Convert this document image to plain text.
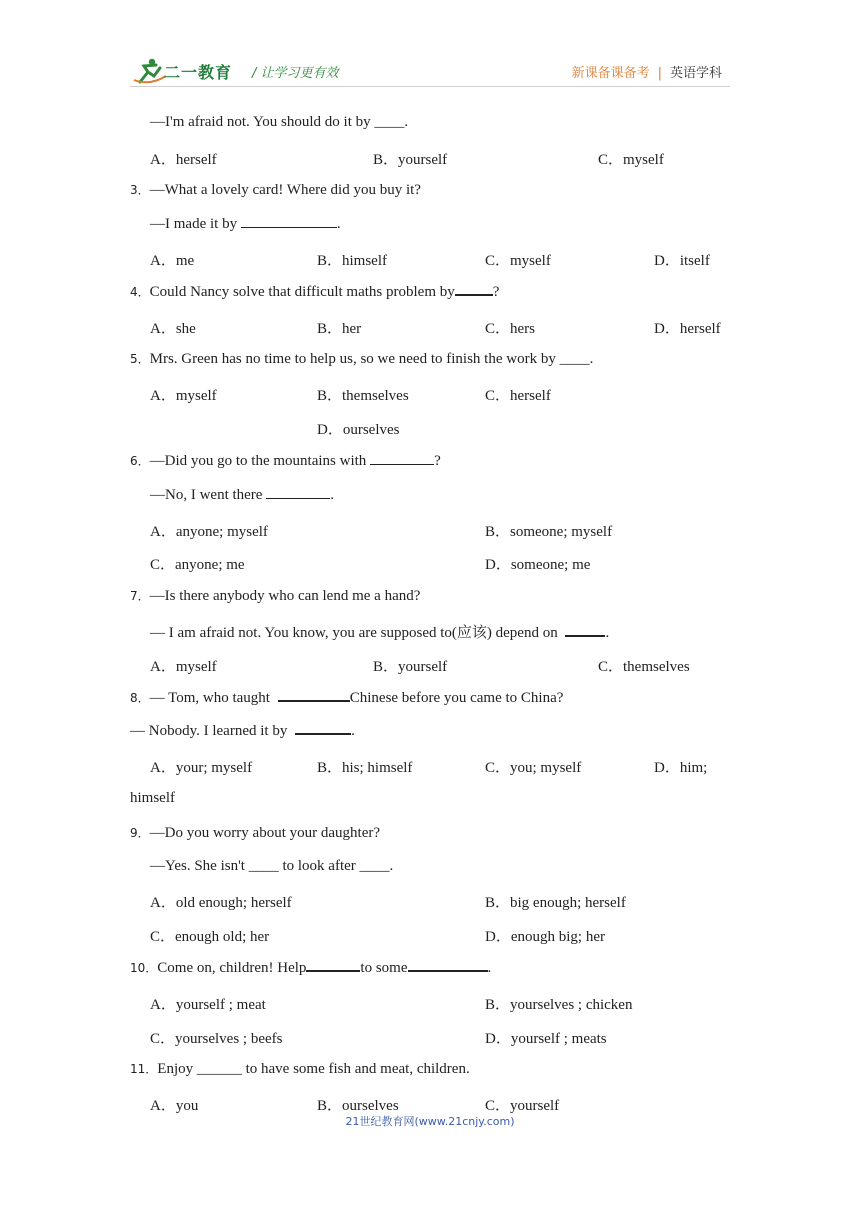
二一教育 / 让学习更有效	新课备课备考 | 英语学科
—I'm afraid not. You should do it by ____.
A．herself	B．yourself	C．myself
3．—What a lovely card! Where did you buy it?
—I made it by	.
A．me	B．himself	C．myself	D．itself
4．Could Nancy solve that difficult maths problem by	?
A．she	B．her	C．hers	D．herself
5．Mrs. Green has no time to help us, so we need to finish the work by ____.
A．myself	B．themselves	C．herself
D．ourselves
6．—Did you go to the mountains with	?
—No, I went there	.
A．anyone; myself	B．someone; myself
C．anyone; me	D．someone; me
7．—Is there anybody who can lend me a hand?
— I am afraid not. You know, you are supposed to(应该) depend on	.
A．myself	B．yourself	C．themselves
8．— Tom, who taught	Chinese before you came to China?
— Nobody. I learned it by	.
A．your; myself	B．his; himself	C．you; myself	D．him;
himself
9．—Do you worry about your daughter?
—Yes. She isn't ____ to look after ____.
A．old enough; herself	B．big enough; herself
C．enough old; her	D．enough big; her
10．Come on, children! Help	to some	.
A．yourself ; meat	B．yourselves ; chicken
C．yourselves ; beefs	D．yourself ; meats
11．Enjoy ______ to have some fish and meat, children.
A．you	B．ourselves	C．yourself
21世纪教育网(www.21cnjy.com)
